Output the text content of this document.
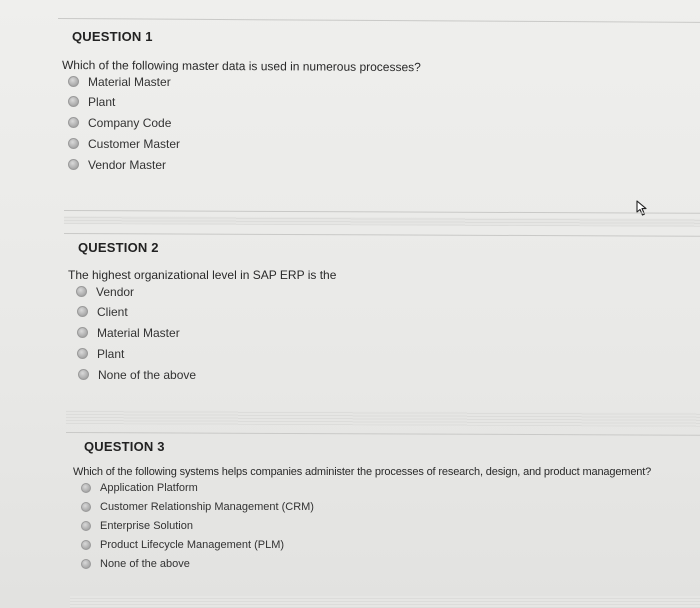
QUESTION 1
Which of the following master data is used in numerous processes?
Material Master
Plant
Company Code
Customer Master
Vendor Master
QUESTION 2
The highest organizational level in SAP ERP is the
Vendor
Client
Material Master
Plant
None of the above
QUESTION 3
Which of the following systems helps companies administer the processes of research, design, and product management?
Application Platform
Customer Relationship Management (CRM)
Enterprise Solution
Product Lifecycle Management (PLM)
None of the above
